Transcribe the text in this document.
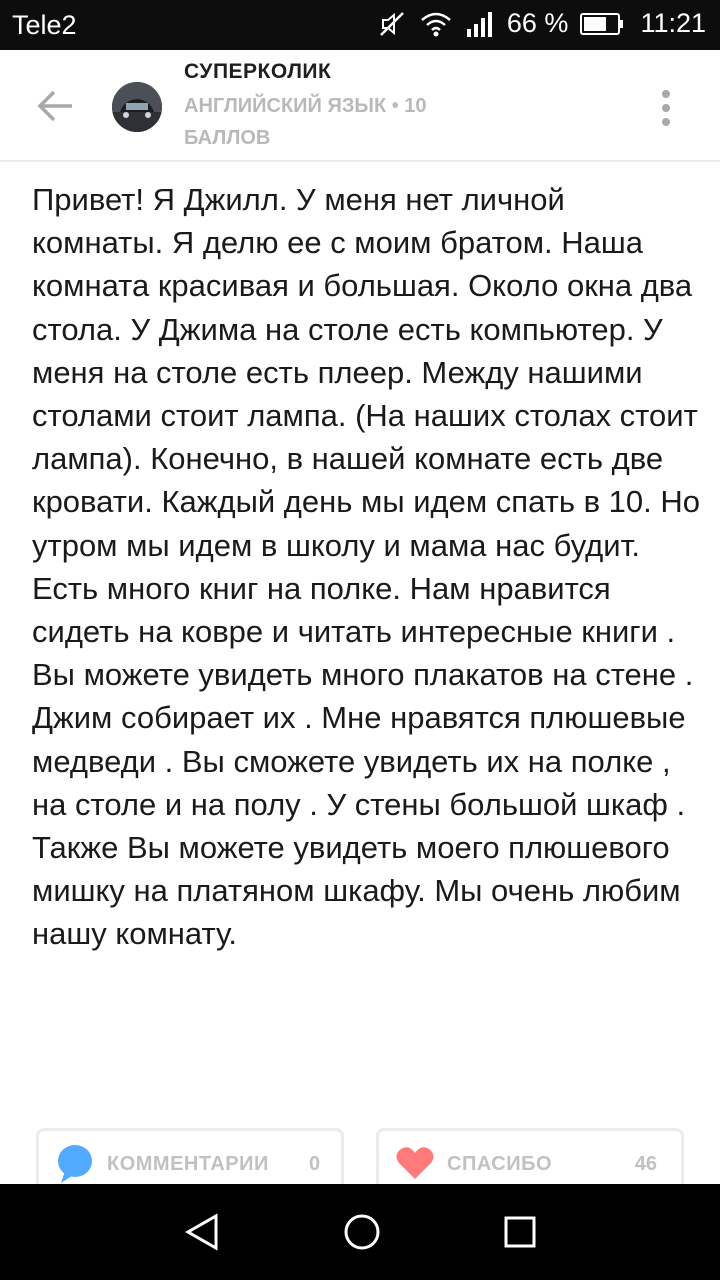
Tele2	66 %	11:21
СУПЕРКОЛИК
АНГЛИЙСКИЙ ЯЗЫК • 10 БАЛЛОВ
Привет! Я Джилл. У меня нет личной комнаты. Я делю ее с моим братом. Наша комната красивая и большая. Около окна два стола. У Джима на столе есть компьютер. У меня на столе есть плеер. Между нашими столами стоит лампа. (На наших столах стоит лампа). Конечно, в нашей комнате есть две кровати. Каждый день мы идем спать в 10. Но утром мы идем в школу и мама нас будит. Есть много книг на полке. Нам нравится сидеть на ковре и читать интересные книги . Вы можете увидеть много плакатов на стене . Джим собирает их . Мне нравятся плюшевые медведи . Вы сможете увидеть их на полке , на столе и на полу . У стены большой шкаф . Также Вы можете увидеть моего плюшевого мишку на платяном шкафу. Мы очень любим нашу комнату.
КОММЕНТАРИИ 0	СПАСИБО	46
